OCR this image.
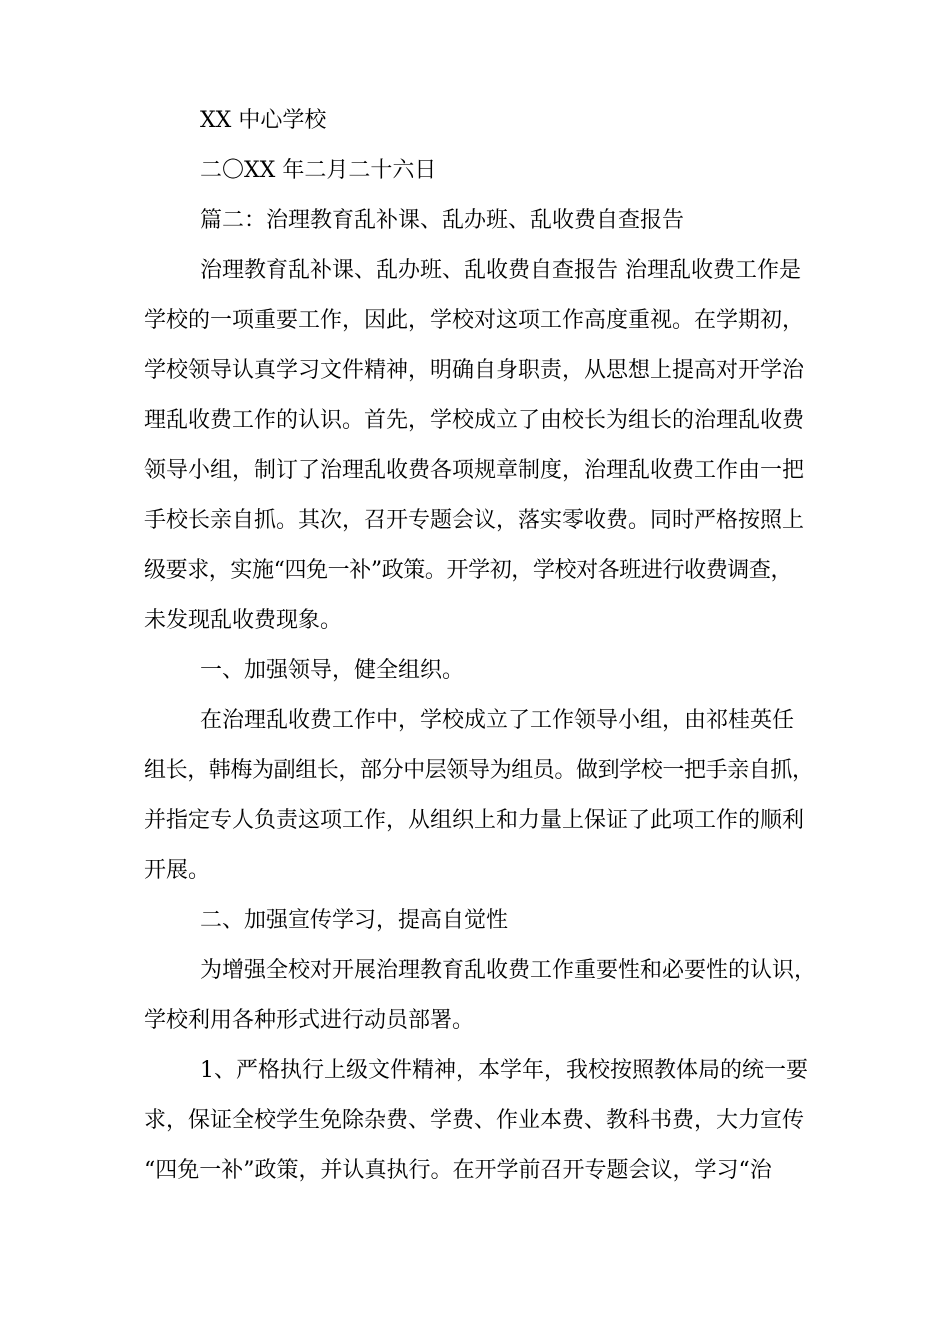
XX 中心学校
二〇XX 年二月二十六日
篇二：治理教育乱补课、乱办班、乱收费自查报告
治理教育乱补课、乱办班、乱收费自查报告 治理乱收费工作是
学校的一项重要工作，因此，学校对这项工作高度重视。在学期初，
学校领导认真学习文件精神，明确自身职责，从思想上提高对开学治
理乱收费工作的认识。首先，学校成立了由校长为组长的治理乱收费
领导小组，制订了治理乱收费各项规章制度，治理乱收费工作由一把
手校长亲自抓。其次，召开专题会议，落实零收费。同时严格按照上
级要求，实施“四免一补”政策。开学初，学校对各班进行收费调查，
未发现乱收费现象。
一、加强领导，健全组织。
在治理乱收费工作中，学校成立了工作领导小组，由祁桂英任
组长，韩梅为副组长，部分中层领导为组员。做到学校一把手亲自抓，
并指定专人负责这项工作，从组织上和力量上保证了此项工作的顺利
开展。
二、加强宣传学习，提高自觉性
为增强全校对开展治理教育乱收费工作重要性和必要性的认识，
学校利用各种形式进行动员部署。
1、严格执行上级文件精神，本学年，我校按照教体局的统一要
求，保证全校学生免除杂费、学费、作业本费、教科书费，大力宣传
“四免一补”政策，并认真执行。在开学前召开专题会议，学习“治
